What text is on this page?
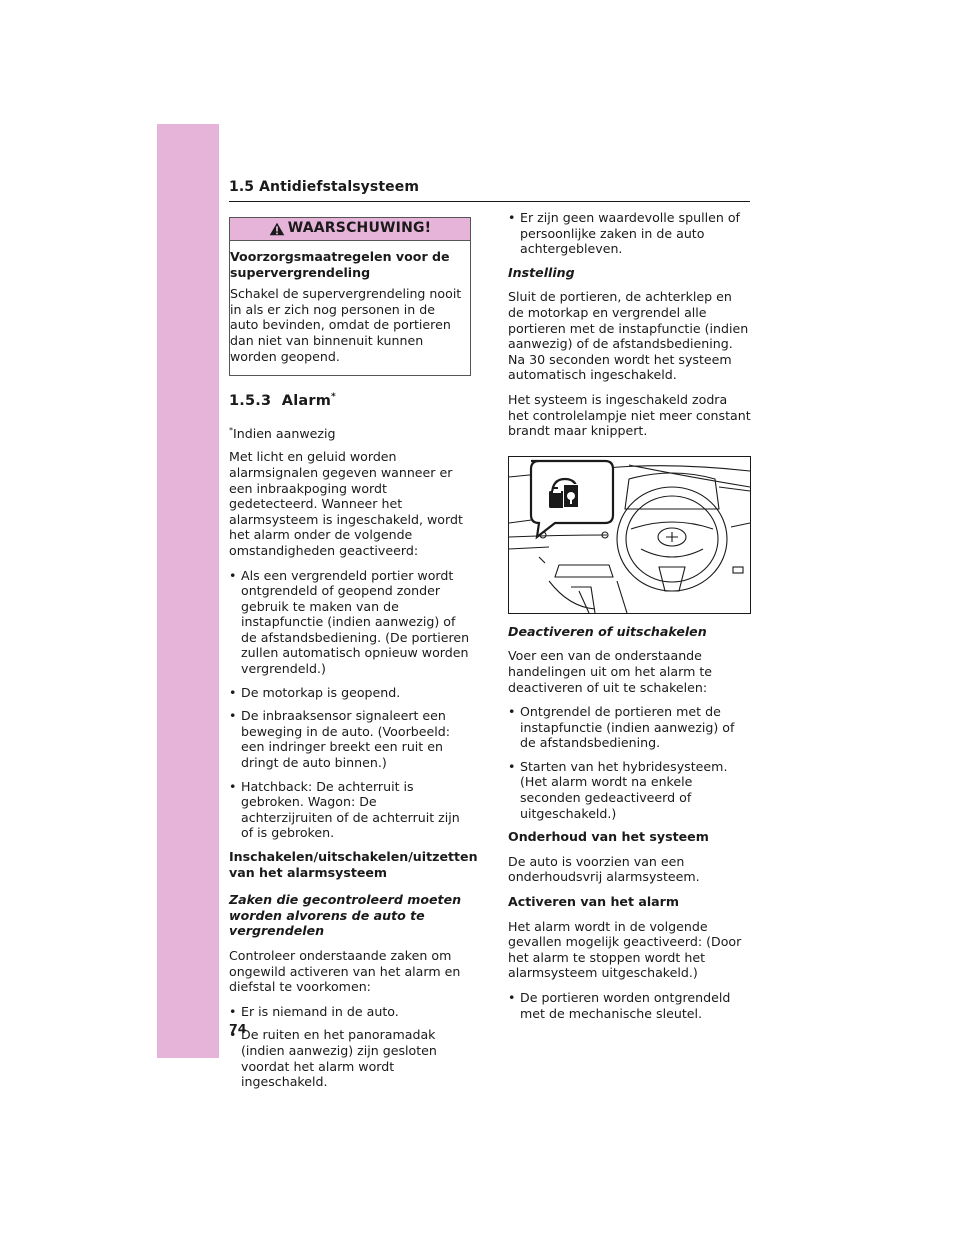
1.5 Antidiefstalsysteem
WAARSCHUWING!
Voorzorgsmaatregelen voor de supervergrendeling
Schakel de supervergrendeling nooit in als er zich nog personen in de auto bevinden, omdat de portieren dan niet van binnenuit kunnen worden geopend.
1.5.3 Alarm*
*Indien aanwezig
Met licht en geluid worden alarmsignalen gegeven wanneer er een inbraakpoging wordt gedetecteerd. Wanneer het alarmsysteem is ingeschakeld, wordt het alarm onder de volgende omstandigheden geactiveerd:
• Als een vergrendeld portier wordt ontgrendeld of geopend zonder gebruik te maken van de instapfunctie (indien aanwezig) of de afstandsbediening. (De portieren zullen automatisch opnieuw worden vergrendeld.)
• De motorkap is geopend.
• De inbraaksensor signaleert een beweging in de auto. (Voorbeeld: een indringer breekt een ruit en dringt de auto binnen.)
• Hatchback: De achterruit is gebroken. Wagon: De achterzijruiten of de achterruit zijn of is gebroken.
Inschakelen/uitschakelen/uitzetten van het alarmsysteem
Zaken die gecontroleerd moeten worden alvorens de auto te vergrendelen
Controleer onderstaande zaken om ongewild activeren van het alarm en diefstal te voorkomen:
• Er is niemand in de auto.
• De ruiten en het panoramadak (indien aanwezig) zijn gesloten voordat het alarm wordt ingeschakeld.
• Er zijn geen waardevolle spullen of persoonlijke zaken in de auto achtergebleven.
Instelling
Sluit de portieren, de achterklep en de motorkap en vergrendel alle portieren met de instapfunctie (indien aanwezig) of de afstandsbediening. Na 30 seconden wordt het systeem automatisch ingeschakeld.
Het systeem is ingeschakeld zodra het controlelampje niet meer constant brandt maar knippert.
Deactiveren of uitschakelen
Voer een van de onderstaande handelingen uit om het alarm te deactiveren of uit te schakelen:
• Ontgrendel de portieren met de instapfunctie (indien aanwezig) of de afstandsbediening.
• Starten van het hybridesysteem. (Het alarm wordt na enkele seconden gedeactiveerd of uitgeschakeld.)
Onderhoud van het systeem
De auto is voorzien van een onderhoudsvrij alarmsysteem.
Activeren van het alarm
Het alarm wordt in de volgende gevallen mogelijk geactiveerd: (Door het alarm te stoppen wordt het alarmsysteem uitgeschakeld.)
• De portieren worden ontgrendeld met de mechanische sleutel.
74
